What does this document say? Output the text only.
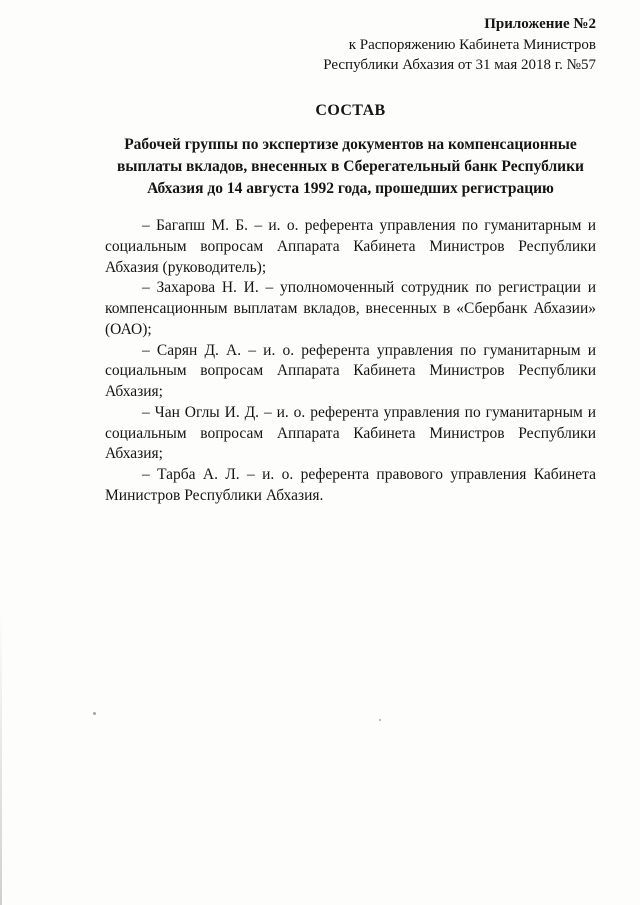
Приложение №2
к Распоряжению Кабинета Министров
Республики Абхазия от 31 мая 2018 г. №57
СОСТАВ
Рабочей группы по экспертизе документов на компенсационные выплаты вкладов, внесенных в Сберегательный банк Республики Абхазия до 14 августа 1992 года, прошедших регистрацию

– Багапш М. Б. – и. о. референта управления по гуманитарным и социальным вопросам Аппарата Кабинета Министров Республики Абхазия (руководитель);

– Захарова Н. И. – уполномоченный сотрудник по регистрации и компенсационным выплатам вкладов, внесенных в «Сбербанк Абхазии» (ОАО);

– Сарян Д. А. – и. о. референта управления по гуманитарным и социальным вопросам Аппарата Кабинета Министров Республики Абхазия;

– Чан Оглы И. Д. – и. о. референта управления по гуманитарным и социальным вопросам Аппарата Кабинета Министров Республики Абхазия;

– Тарба А. Л. – и. о. референта правового управления Кабинета Министров Республики Абхазия.
